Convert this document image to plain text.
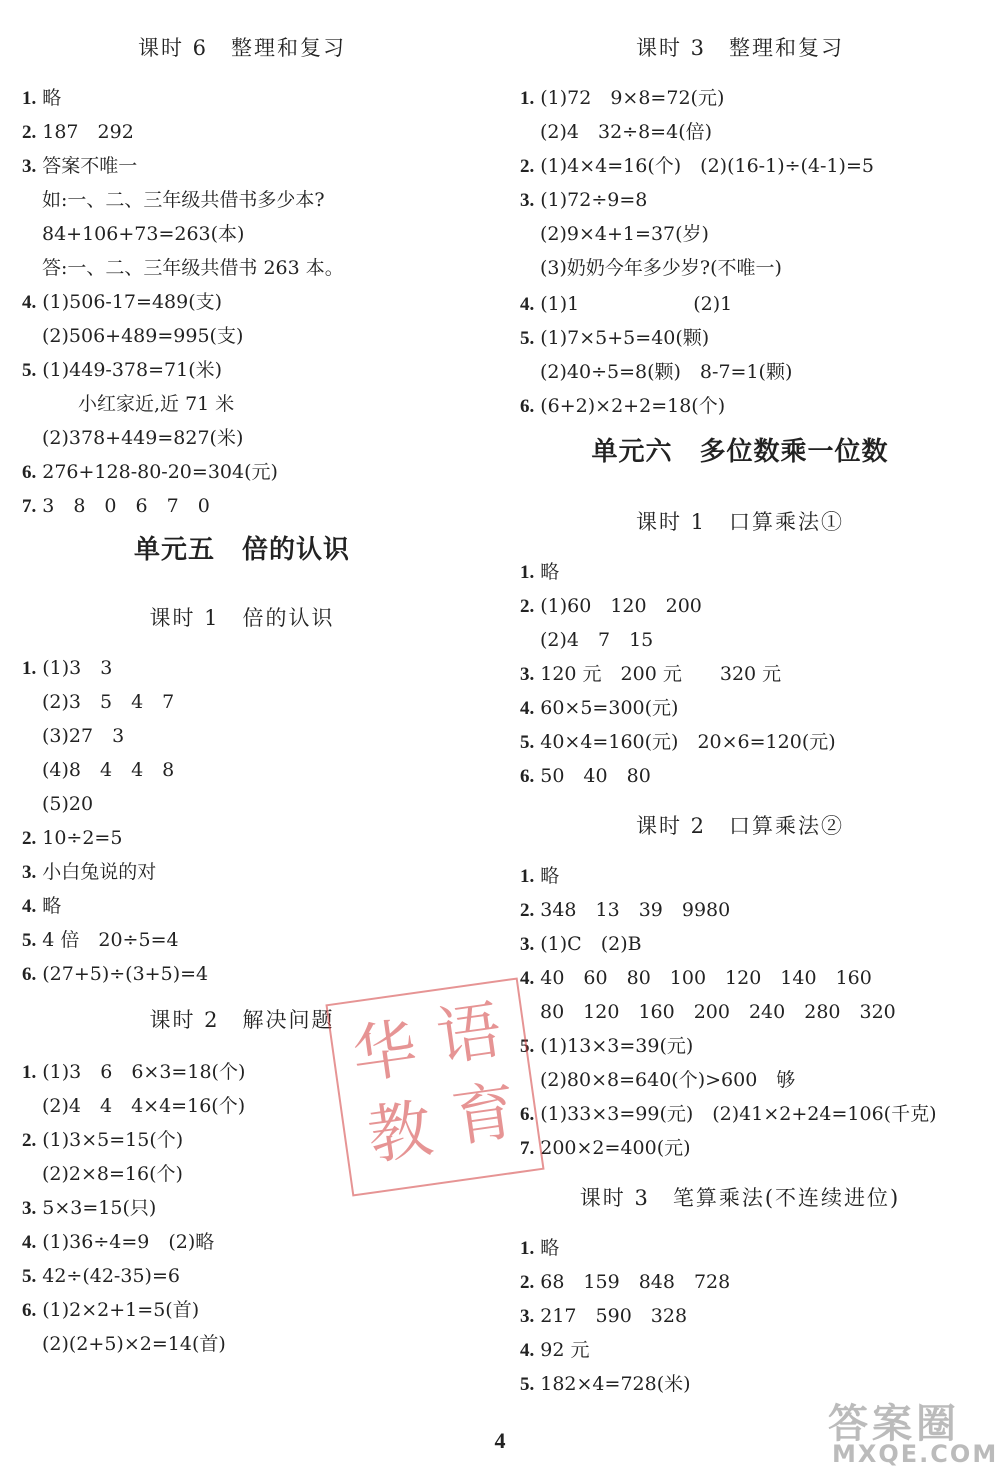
课时 6　整理和复习
1. 略
2. 187　292
3. 答案不唯一
如:一、二、三年级共借书多少本?
84+106+73=263(本)
答:一、二、三年级共借书 263 本。
4. (1)506-17=489(支)
(2)506+489=995(支)
5. (1)449-378=71(米)
小红家近,近 71 米
(2)378+449=827(米)
6. 276+128-80-20=304(元)
7. 3　8　0　6　7　0
单元五　倍的认识
课时 1　倍的认识
1. (1)3　3
(2)3　5　4　7
(3)27　3
(4)8　4　4　8
(5)20
2. 10÷2=5
3. 小白兔说的对
4. 略
5. 4 倍　20÷5=4
6. (27+5)÷(3+5)=4
课时 2　解决问题
1. (1)3　6　6×3=18(个)
(2)4　4　4×4=16(个)
2. (1)3×5=15(个)
(2)2×8=16(个)
3. 5×3=15(只)
4. (1)36÷4=9　(2)略
5. 42÷(42-35)=6
6. (1)2×2+1=5(首)
(2)(2+5)×2=14(首)
课时 3　整理和复习
1. (1)72　9×8=72(元)
(2)4　32÷8=4(倍)
2. (1)4×4=16(个)　(2)(16-1)÷(4-1)=5
3. (1)72÷9=8
(2)9×4+1=37(岁)
(3)奶奶今年多少岁?(不唯一)
4. (1)1　　　　　　(2)1
5. (1)7×5+5=40(颗)
(2)40÷5=8(颗)　8-7=1(颗)
6. (6+2)×2+2=18(个)
单元六　多位数乘一位数
课时 1　口算乘法①
1. 略
2. (1)60　120　200
(2)4　7　15
3. 120 元　200 元　　320 元
4. 60×5=300(元)
5. 40×4=160(元)　20×6=120(元)
6. 50　40　80
课时 2　口算乘法②
1. 略
2. 348　13　39　9980
3. (1)C　(2)B
4. 40　60　80　100　120　140　160
80　120　160　200　240　280　320
5. (1)13×3=39(元)
(2)80×8=640(个)>600　够
6. (1)33×3=99(元)　(2)41×2+24=106(千克)
7. 200×2=400(元)
课时 3　笔算乘法(不连续进位)
1. 略
2. 68　159　848　728
3. 217　590　328
4. 92 元
5. 182×4=728(米)
4
华 语
教 育
答案圈
MXQE.COM
